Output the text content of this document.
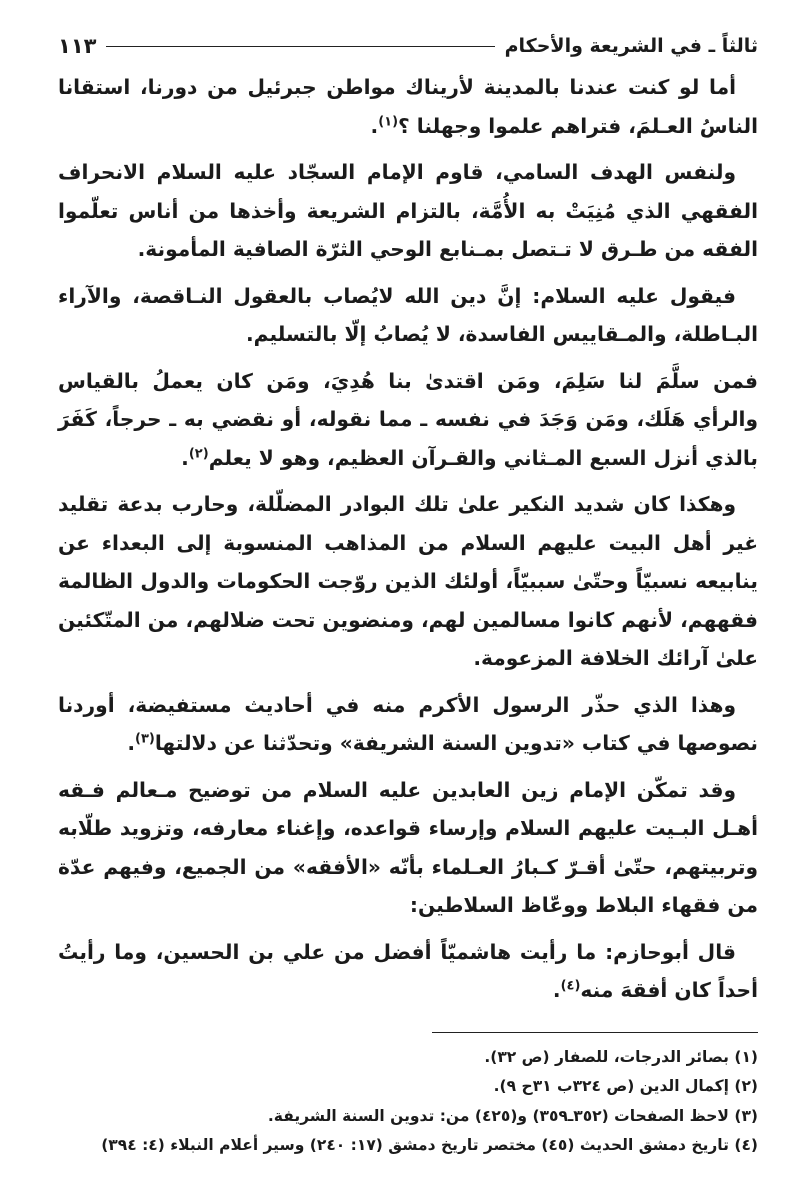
ثالثاً ـ في الشريعة والأحكام
١١٣

أما لو كنت عندنا بالمدينة لأريناك مواطن جبرئيل من دورنا، استقانا الناسُ العـلمَ، فتراهم علموا وجهلنا ؟$^{(١)}$.

ولنفس الهدف السامي، قاوم الإمام السجّاد عليه السلام الانحراف الفقهي الذي مُنِيَتْ به الأُمَّة، بالتزام الشريعة وأخذها من أناس تعلّموا الفقه من طـرق لا تـتصل بمـنابع الوحي الثرّة الصافية المأمونة.

فيقول عليه السلام: إنَّ دين الله لايُصاب بالعقول النـاقصة، والآراء البـاطلة، والمـقاييس الفاسدة، لا يُصابُ إلّا بالتسليم.

فمن سلَّمَ لنا سَلِمَ، ومَن اقتدىٰ بنا هُدِيَ، ومَن كان يعملُ بالقياس والرأي هَلَك، ومَن وَجَدَ في نفسه ـ مما نقوله، أو نقضي به ـ حرجاً، كَفَرَ بالذي أنزل السبع المـثاني والقـرآن العظيم، وهو لا يعلم$^{(٢)}$.

وهكذا كان شديد النكير علىٰ تلك البوادر المضلّلة، وحارب بدعة تقليد غير أهل البيت عليهم السلام من المذاهب المنسوبة إلى البعداء عن ينابيعه نسبيّاً وحتّىٰ سببيّاً، أولئك الذين روّجت الحكومات والدول الظالمة فقههم، لأنهم كانوا مسالمين لهم، ومنضوين تحت ضلالهم، من المتّكئين علىٰ آرائك الخلافة المزعومة.

وهذا الذي حذّر الرسول الأكرم منه في أحاديث مستفيضة، أوردنا نصوصها في كتاب «تدوين السنة الشريفة» وتحدّثنا عن دلالتها$^{(٣)}$.

وقد تمكّن الإمام زين العابدين عليه السلام من توضيح مـعالم فـقه أهـل البـيت عليهم السلام وإرساء قواعده، وإغناء معارفه، وتزويد طلّابه وتربيتهم، حتّىٰ أقـرّ كـبارُ العـلماء بأنّه «الأفقه» من الجميع، وفيهم عدّة من فقهاء البلاط ووعّاظ السلاطين:

قال أبوحازم: ما رأيت هاشميّاً أفضل من علي بن الحسين، وما رأيتُ أحداً كان أفقهَ منه$^{(٤)}$.

(١) بصائر الدرجات، للصفار (ص ٣٢).

(٢) إكمال الدين (ص ٣٢٤ب ٣١ح ٩).

(٣) لاحظ الصفحات (٣٥٢ـ٣٥٩) و(٤٢٥) من: تدوين السنة الشريفة.

(٤) تاريخ دمشق الحديث (٤٥) مختصر تاريخ دمشق (١٧: ٢٤٠) وسير أعلام النبلاء (٤: ٣٩٤)
